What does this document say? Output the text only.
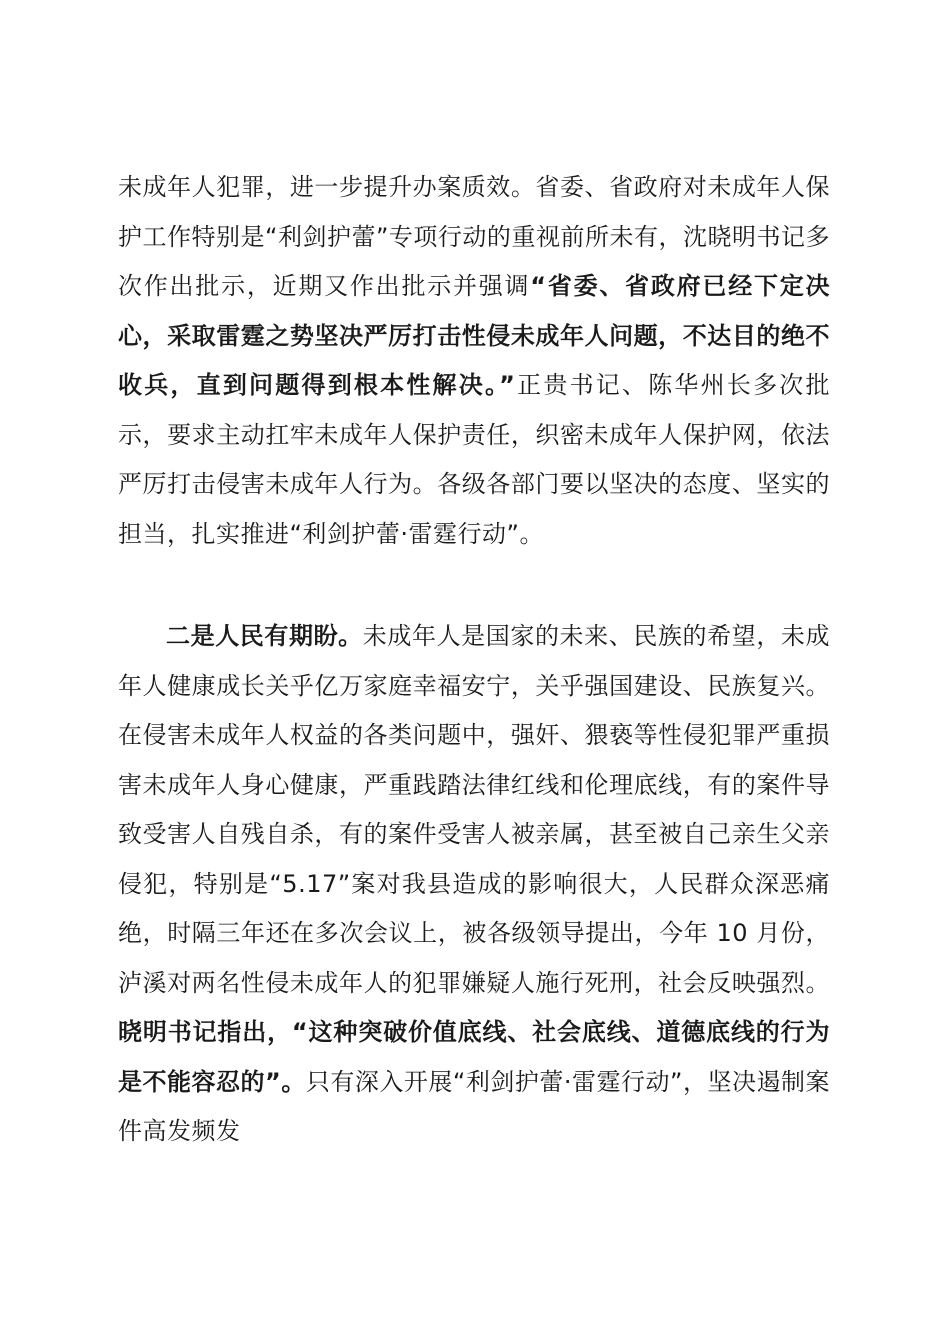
未成年人犯罪，进一步提升办案质效。省委、省政府对未成年人保护工作特别是“利剑护蕾”专项行动的重视前所未有，沈晓明书记多次作出批示，近期又作出批示并强调“省委、省政府已经下定决心，采取雷霆之势坚决严厉打击性侵未成年人问题，不达目的绝不收兵，直到问题得到根本性解决。”正贵书记、陈华州长多次批示，要求主动扛牢未成年人保护责任，织密未成年人保护网，依法严厉打击侵害未成年人行为。各级各部门要以坚决的态度、坚实的担当，扎实推进“利剑护蕾·雷霆行动”。

二是人民有期盼。未成年人是国家的未来、民族的希望，未成年人健康成长关乎亿万家庭幸福安宁，关乎强国建设、民族复兴。在侵害未成年人权益的各类问题中，强奸、猥亵等性侵犯罪严重损害未成年人身心健康，严重践踏法律红线和伦理底线，有的案件导致受害人自残自杀，有的案件受害人被亲属，甚至被自己亲生父亲侵犯，特别是“5.17”案对我县造成的影响很大，人民群众深恶痛绝，时隔三年还在多次会议上，被各级领导提出，今年 10 月份，泸溪对两名性侵未成年人的犯罪嫌疑人施行死刑，社会反映强烈。晓明书记指出，“这种突破价值底线、社会底线、道德底线的行为是不能容忍的”。只有深入开展“利剑护蕾·雷霆行动”，坚决遏制案件高发频发
